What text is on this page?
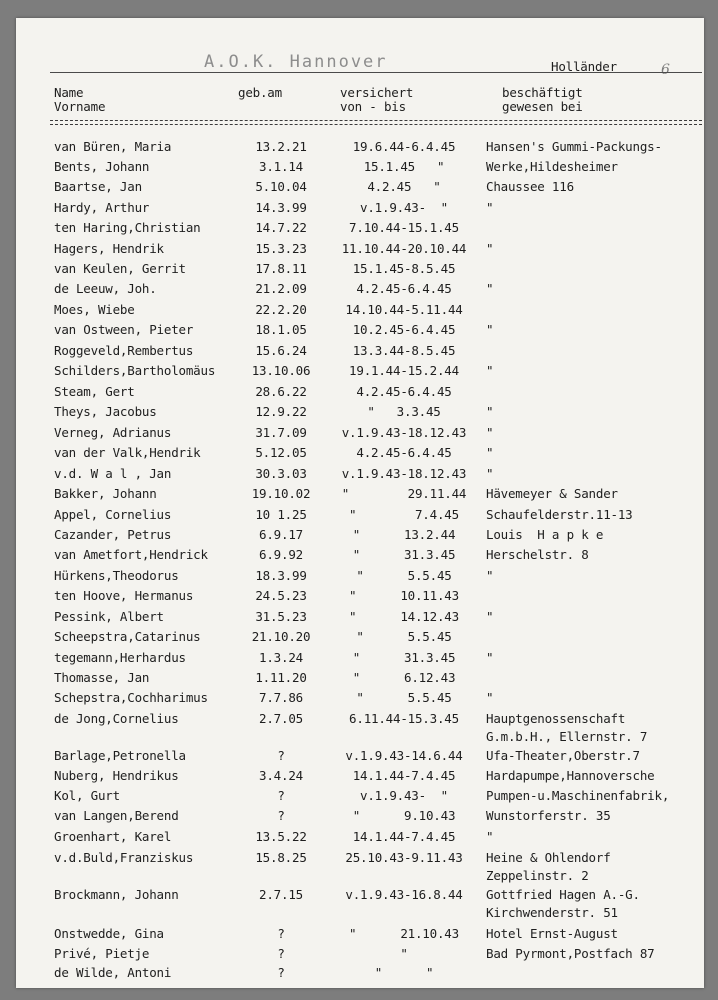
A.O.K. Hannover	Holländer	6
Name
Vorname
geb.am	versichert
von - bis
beschäftigt
gewesen bei
van Büren, Maria	13.2.21	19.6.44-6.4.45	Hansen's Gummi-Packungs-
Bents, Johann	3.1.14	15.1.45   "	Werke,Hildesheimer
Baartse, Jan	5.10.04	4.2.45   "	Chaussee 116
Hardy, Arthur	14.3.99	v.1.9.43-  "	"
ten Haring,Christian	14.7.22	7.10.44-15.1.45
Hagers, Hendrik	15.3.23	11.10.44-20.10.44	"
van Keulen, Gerrit	17.8.11	15.1.45-8.5.45
de Leeuw, Joh.	21.2.09	4.2.45-6.4.45	"
Moes, Wiebe	22.2.20	14.10.44-5.11.44
van Ostween, Pieter	18.1.05	10.2.45-6.4.45	"
Roggeveld,Rembertus	15.6.24	13.3.44-8.5.45
Schilders,Bartholomäus	13.10.06	19.1.44-15.2.44	"
Steam, Gert	28.6.22	4.2.45-6.4.45
Theys, Jacobus	12.9.22	"   3.3.45	"
Verneg, Adrianus	31.7.09	v.1.9.43-18.12.43	"
van der Valk,Hendrik	5.12.05	4.2.45-6.4.45	"
v.d. W a l , Jan	30.3.03	v.1.9.43-18.12.43	"
Bakker, Johann	19.10.02	"        29.11.44	Hävemeyer & Sander
Appel, Cornelius	10 1.25	"        7.4.45	Schaufelderstr.11-13
Cazander, Petrus	6.9.17	"      13.2.44	Louis  H a p k e
van Ametfort,Hendrick	6.9.92	"      31.3.45	Herschelstr. 8
Hürkens,Theodorus	18.3.99	"      5.5.45	"
ten Hoove, Hermanus	24.5.23	"      10.11.43
Pessink, Albert	31.5.23	"      14.12.43	"
Scheepstra,Catarinus	21.10.20	"      5.5.45
tegemann,Herhardus	1.3.24	"      31.3.45	"
Thomasse, Jan	1.11.20	"      6.12.43
Schepstra,Cochharimus	7.7.86	"      5.5.45	"
de Jong,Cornelius	2.7.05	6.11.44-15.3.45	Hauptgenossenschaft
G.m.b.H., Ellernstr. 7
Barlage,Petronella	?	v.1.9.43-14.6.44	Ufa-Theater,Oberstr.7
Nuberg, Hendrikus	3.4.24	14.1.44-7.4.45	Hardapumpe,Hannoversche
Kol, Gurt	?	v.1.9.43-  "	Pumpen-u.Maschinenfabrik,
van Langen,Berend	?	"      9.10.43	Wunstorferstr. 35
Groenhart, Karel	13.5.22	14.1.44-7.4.45	"
v.d.Buld,Franziskus	15.8.25	25.10.43-9.11.43	Heine & Ohlendorf
Zeppelinstr. 2
Brockmann, Johann	2.7.15	v.1.9.43-16.8.44	Gottfried Hagen A.-G.
Kirchwenderstr. 51
Onstwedde, Gina	?	"      21.10.43	Hotel Ernst-August
Privé, Pietje	?	"	Bad Pyrmont,Postfach 87
de Wilde, Antoni	?	"      "
